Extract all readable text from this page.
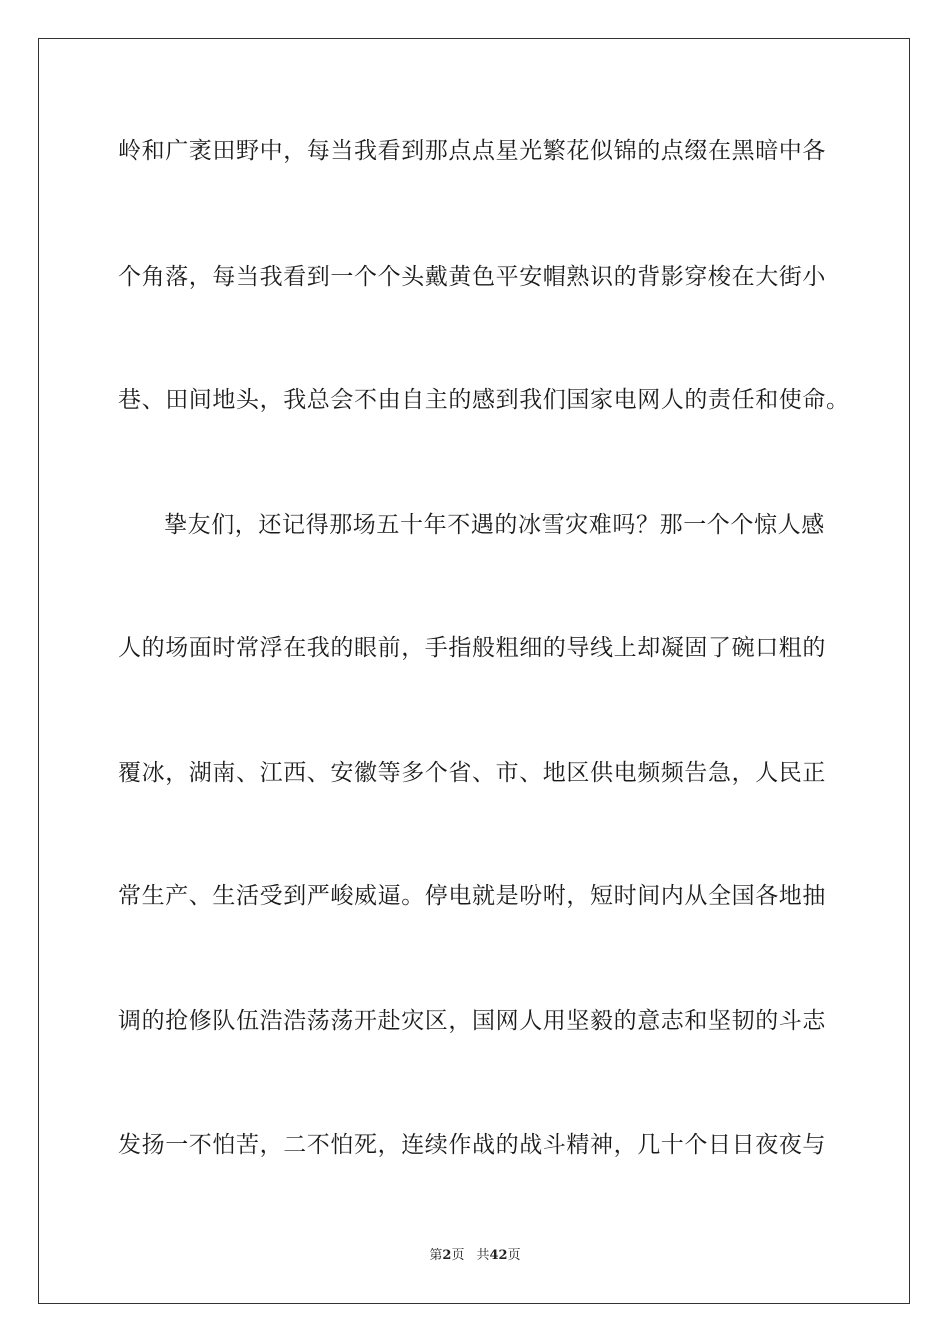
岭和广袤田野中，每当我看到那点点星光繁花似锦的点缀在黑暗中各
个角落，每当我看到一个个头戴黄色平安帽熟识的背影穿梭在大街小
巷、田间地头，我总会不由自主的感到我们国家电网人的责任和使命。
挚友们，还记得那场五十年不遇的冰雪灾难吗？那一个个惊人感
人的场面时常浮在我的眼前，手指般粗细的导线上却凝固了碗口粗的
覆冰，湖南、江西、安徽等多个省、市、地区供电频频告急，人民正
常生产、生活受到严峻威逼。停电就是吩咐，短时间内从全国各地抽
调的抢修队伍浩浩荡荡开赴灾区，国网人用坚毅的意志和坚韧的斗志
发扬一不怕苦，二不怕死，连续作战的战斗精神，几十个日日夜夜与
第2页 共42页
